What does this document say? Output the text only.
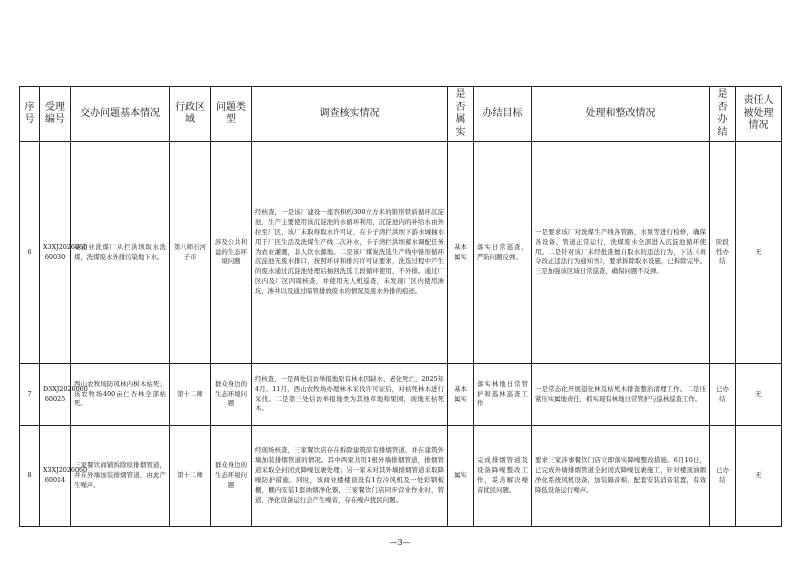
序号	受理编号	交办问题基本情况	行政区域	问题类型	调查核实情况	是否属实	办结目标	处理和整改情况	是否办结	责任人被处理情况
6	X3XJ2026060 60030	某企业洗煤厂从拦洪坝取水洗煤，洗煤废水外排污染地下水。	第八师石河子市	涉及公共利益的生态环境问题	经核查，一是该厂建设一座容积约300立方米的锥形铁质循环沉淀池，生产主要使用该沉淀池的水循环利用，沉淀池内的补给水由外拉至厂区，该厂未取得取水许可证，在卡子湾拦洪坝下游水城抽水用于厂区生活及洗煤生产线二次补水，卡子湾拦洪坝蓄水调配任务为农业灌溉，非人饮水源地。二是该厂煤炭洗选生产线中锥形循环沉淀池无废水排口，按照环评和排污许可证要求，洗选过程中产生的废水通过沉淀池处理后抽回洗选工段循环使用，不外排。通过厂区内及厂区四周核查，并使用无人机巡查，未发现厂区内使用渗坑、渗井以及通过暗管排放废水的情况及废水外排的痕迹。	基本属实	落实日常巡查，严防问题反弹。	一是要求该厂对洗煤生产线各管路、水泵等进行检修，确保各设备、管道正常运行，洗煤废水全部进入沉淀池循环使用。二是针对该厂未经批准擅自取水的违法行为，下达《责令改正违法行为通知书》，要求拆除取水设施，已拆除完毕。三是加强该区域日常巡查，确保问题不反弹。	阶段性办结	无
7	D3XJ2026060 60025	西山农牧场防风林内树木枯死；该农牧场400亩仁杏林全部枯死。	第十二师	群众身边的生态环境问题	经核查，一是两处信访举报地原有林木因缺水、老化死亡，2025年4月、11月，西山农牧场办理林木采伐许可证后，对枯死林木进行采伐。二是第三处信访举报地类为其他草地和果园，现地无枯死木。	基本属实	落实林地日常管护和巡林巡查工作	一是常态化开展退化林及枯死木排查整治清理工作。二是压紧压实属地责任，抓实现有林地日常管护与巡林巡查工作。	已办结	无
8	X3XJ2026060 60014	三家餐饮商铺拆除原排烟管道，并在外墙加装排烟管道，由此产生噪声。	第十二师	群众身边的生态环境问题	经现场核查，三家餐饮店存在拆除建筑原有排烟管道，并在建筑外墙加装排烟管道的情况。其中两家共用1根外墙排烟管道，排烟管道采取全封闭式降噪包裹处理；另一家未对其外墙排烟管道采取降噪防护措施。同时，该商业楼楼顶设有1台冷风机及一处彩钢板棚，棚内安装1套油烟净化器，三家餐饮门店同步营业作业时，管道、净化设备运行会产生噪音，存在噪声扰民问题。	属实	完成排烟管道及设备降噪整改工作，妥善解决噪音扰民问题。	要求三家涉事餐饮门店立即落实降噪整改措施。6月10日，已完成外墙排烟管道全封闭式降噪包裹施工，针对楼顶油烟净化系统风机设备，加装隔音棉，配套安装消音装置，有效降低设备运行噪声。	已办结	无
—3—
